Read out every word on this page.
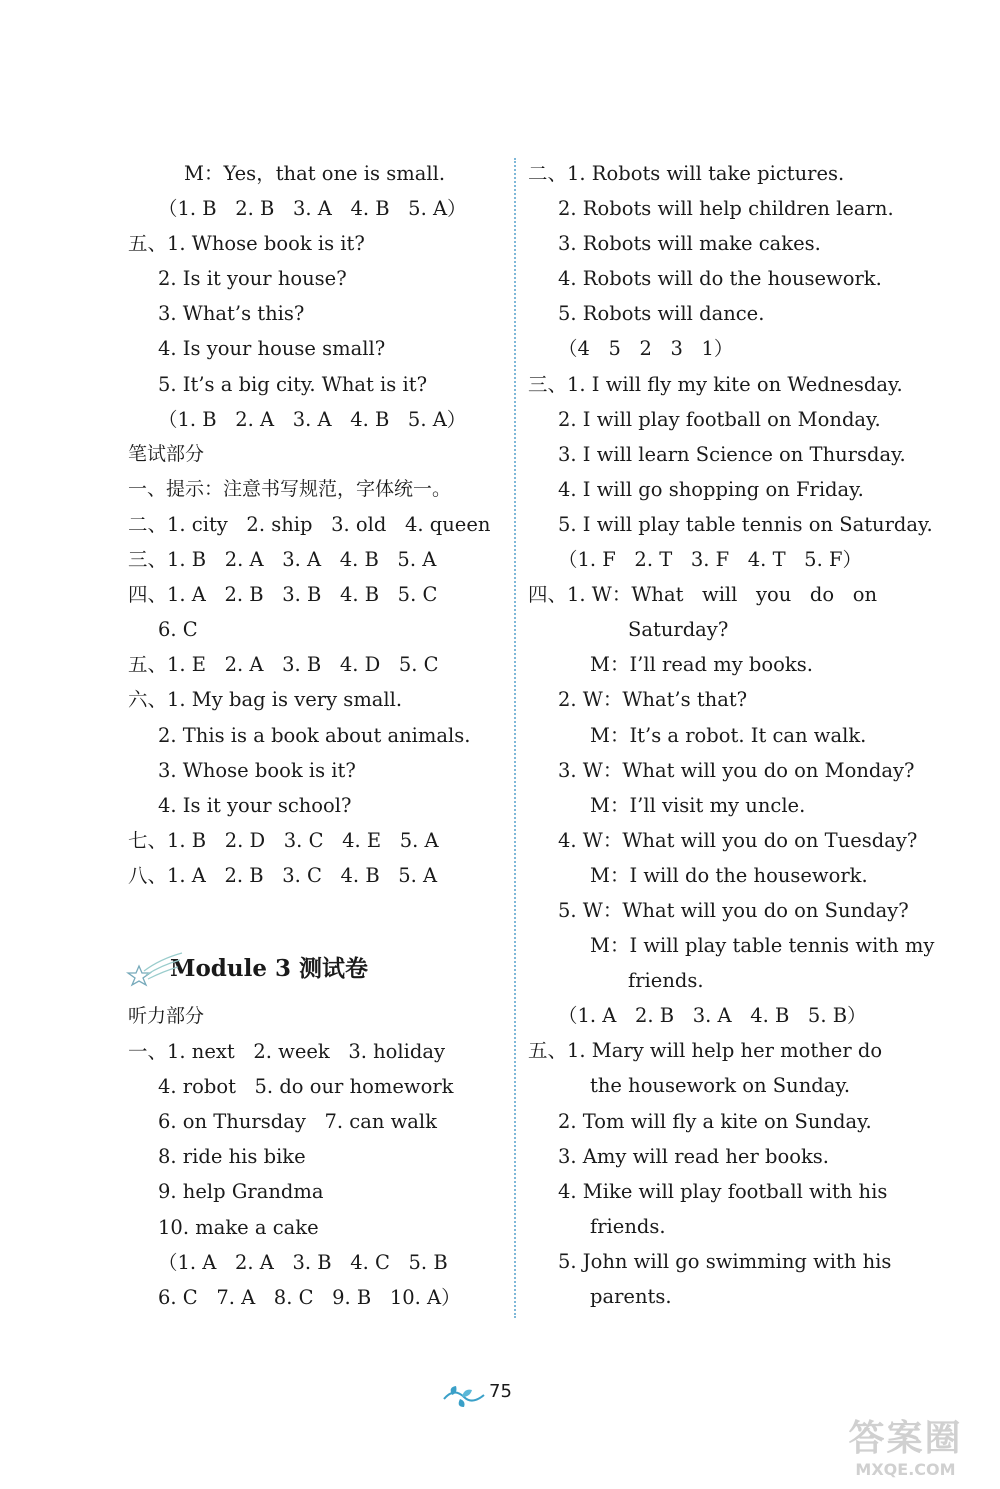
M：Yes，that one is small.
（1. B   2. B   3. A   4. B   5. A）
五、1. Whose book is it?
2. Is it your house?
3. What’s this?
4. Is your house small?
5. It’s a big city. What is it?
（1. B   2. A   3. A   4. B   5. A）
笔试部分
一、提示：注意书写规范，字体统一。
二、1. city   2. ship   3. old   4. queen
三、1. B   2. A   3. A   4. B   5. A
四、1. A   2. B   3. B   4. B   5. C
6. C
五、1. E   2. A   3. B   4. D   5. C
六、1. My bag is very small.
2. This is a book about animals.
3. Whose book is it?
4. Is it your school?
七、1. B   2. D   3. C   4. E   5. A
八、1. A   2. B   3. C   4. B   5. A
Module 3 测试卷
听力部分
一、1. next   2. week   3. holiday
4. robot   5. do our homework
6. on Thursday   7. can walk
8. ride his bike
9. help Grandma
10. make a cake
（1. A   2. A   3. B   4. C   5. B
6. C   7. A   8. C   9. B   10. A）
二、1. Robots will take pictures.
2. Robots will help children learn.
3. Robots will make cakes.
4. Robots will do the housework.
5. Robots will dance.
（4   5   2   3   1）
三、1. I will fly my kite on Wednesday.
2. I will play football on Monday.
3. I will learn Science on Thursday.
4. I will go shopping on Friday.
5. I will play table tennis on Saturday.
（1. F   2. T   3. F   4. T   5. F）
四、1. W：What   will   you   do   on
Saturday?
M：I’ll read my books.
2. W：What’s that?
M：It’s a robot. It can walk.
3. W：What will you do on Monday?
M：I’ll visit my uncle.
4. W：What will you do on Tuesday?
M：I will do the housework.
5. W：What will you do on Sunday?
M：I will play table tennis with my
friends.
（1. A   2. B   3. A   4. B   5. B）
五、1. Mary will help her mother do
the housework on Sunday.
2. Tom will fly a kite on Sunday.
3. Amy will read her books.
4. Mike will play football with his
friends.
5. John will go swimming with his
parents.
75
答案圈
MXQE.COM
